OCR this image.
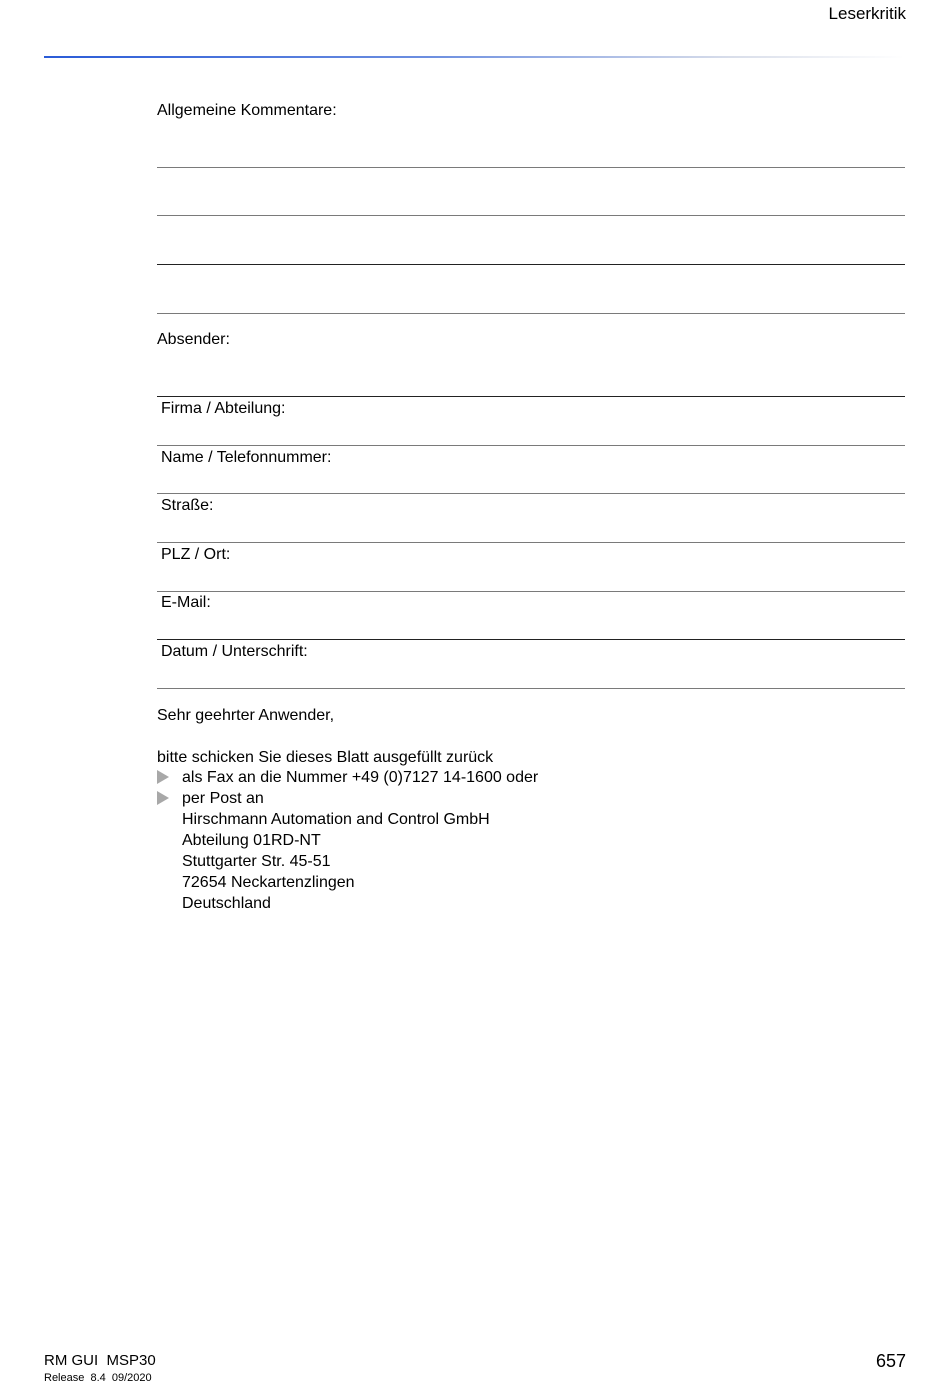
Leserkritik
Allgemeine Kommentare:
Absender:
Firma / Abteilung:
Name / Telefonnummer:
Straße:
PLZ / Ort:
E-Mail:
Datum / Unterschrift:
Sehr geehrter Anwender,
bitte schicken Sie dieses Blatt ausgefüllt zurück
als Fax an die Nummer +49 (0)7127 14-1600 oder
per Post an
Hirschmann Automation and Control GmbH
Abteilung 01RD-NT
Stuttgarter Str. 45-51
72654 Neckartenzlingen
Deutschland
RM GUI  MSP30
Release  8.4  09/2020
657
